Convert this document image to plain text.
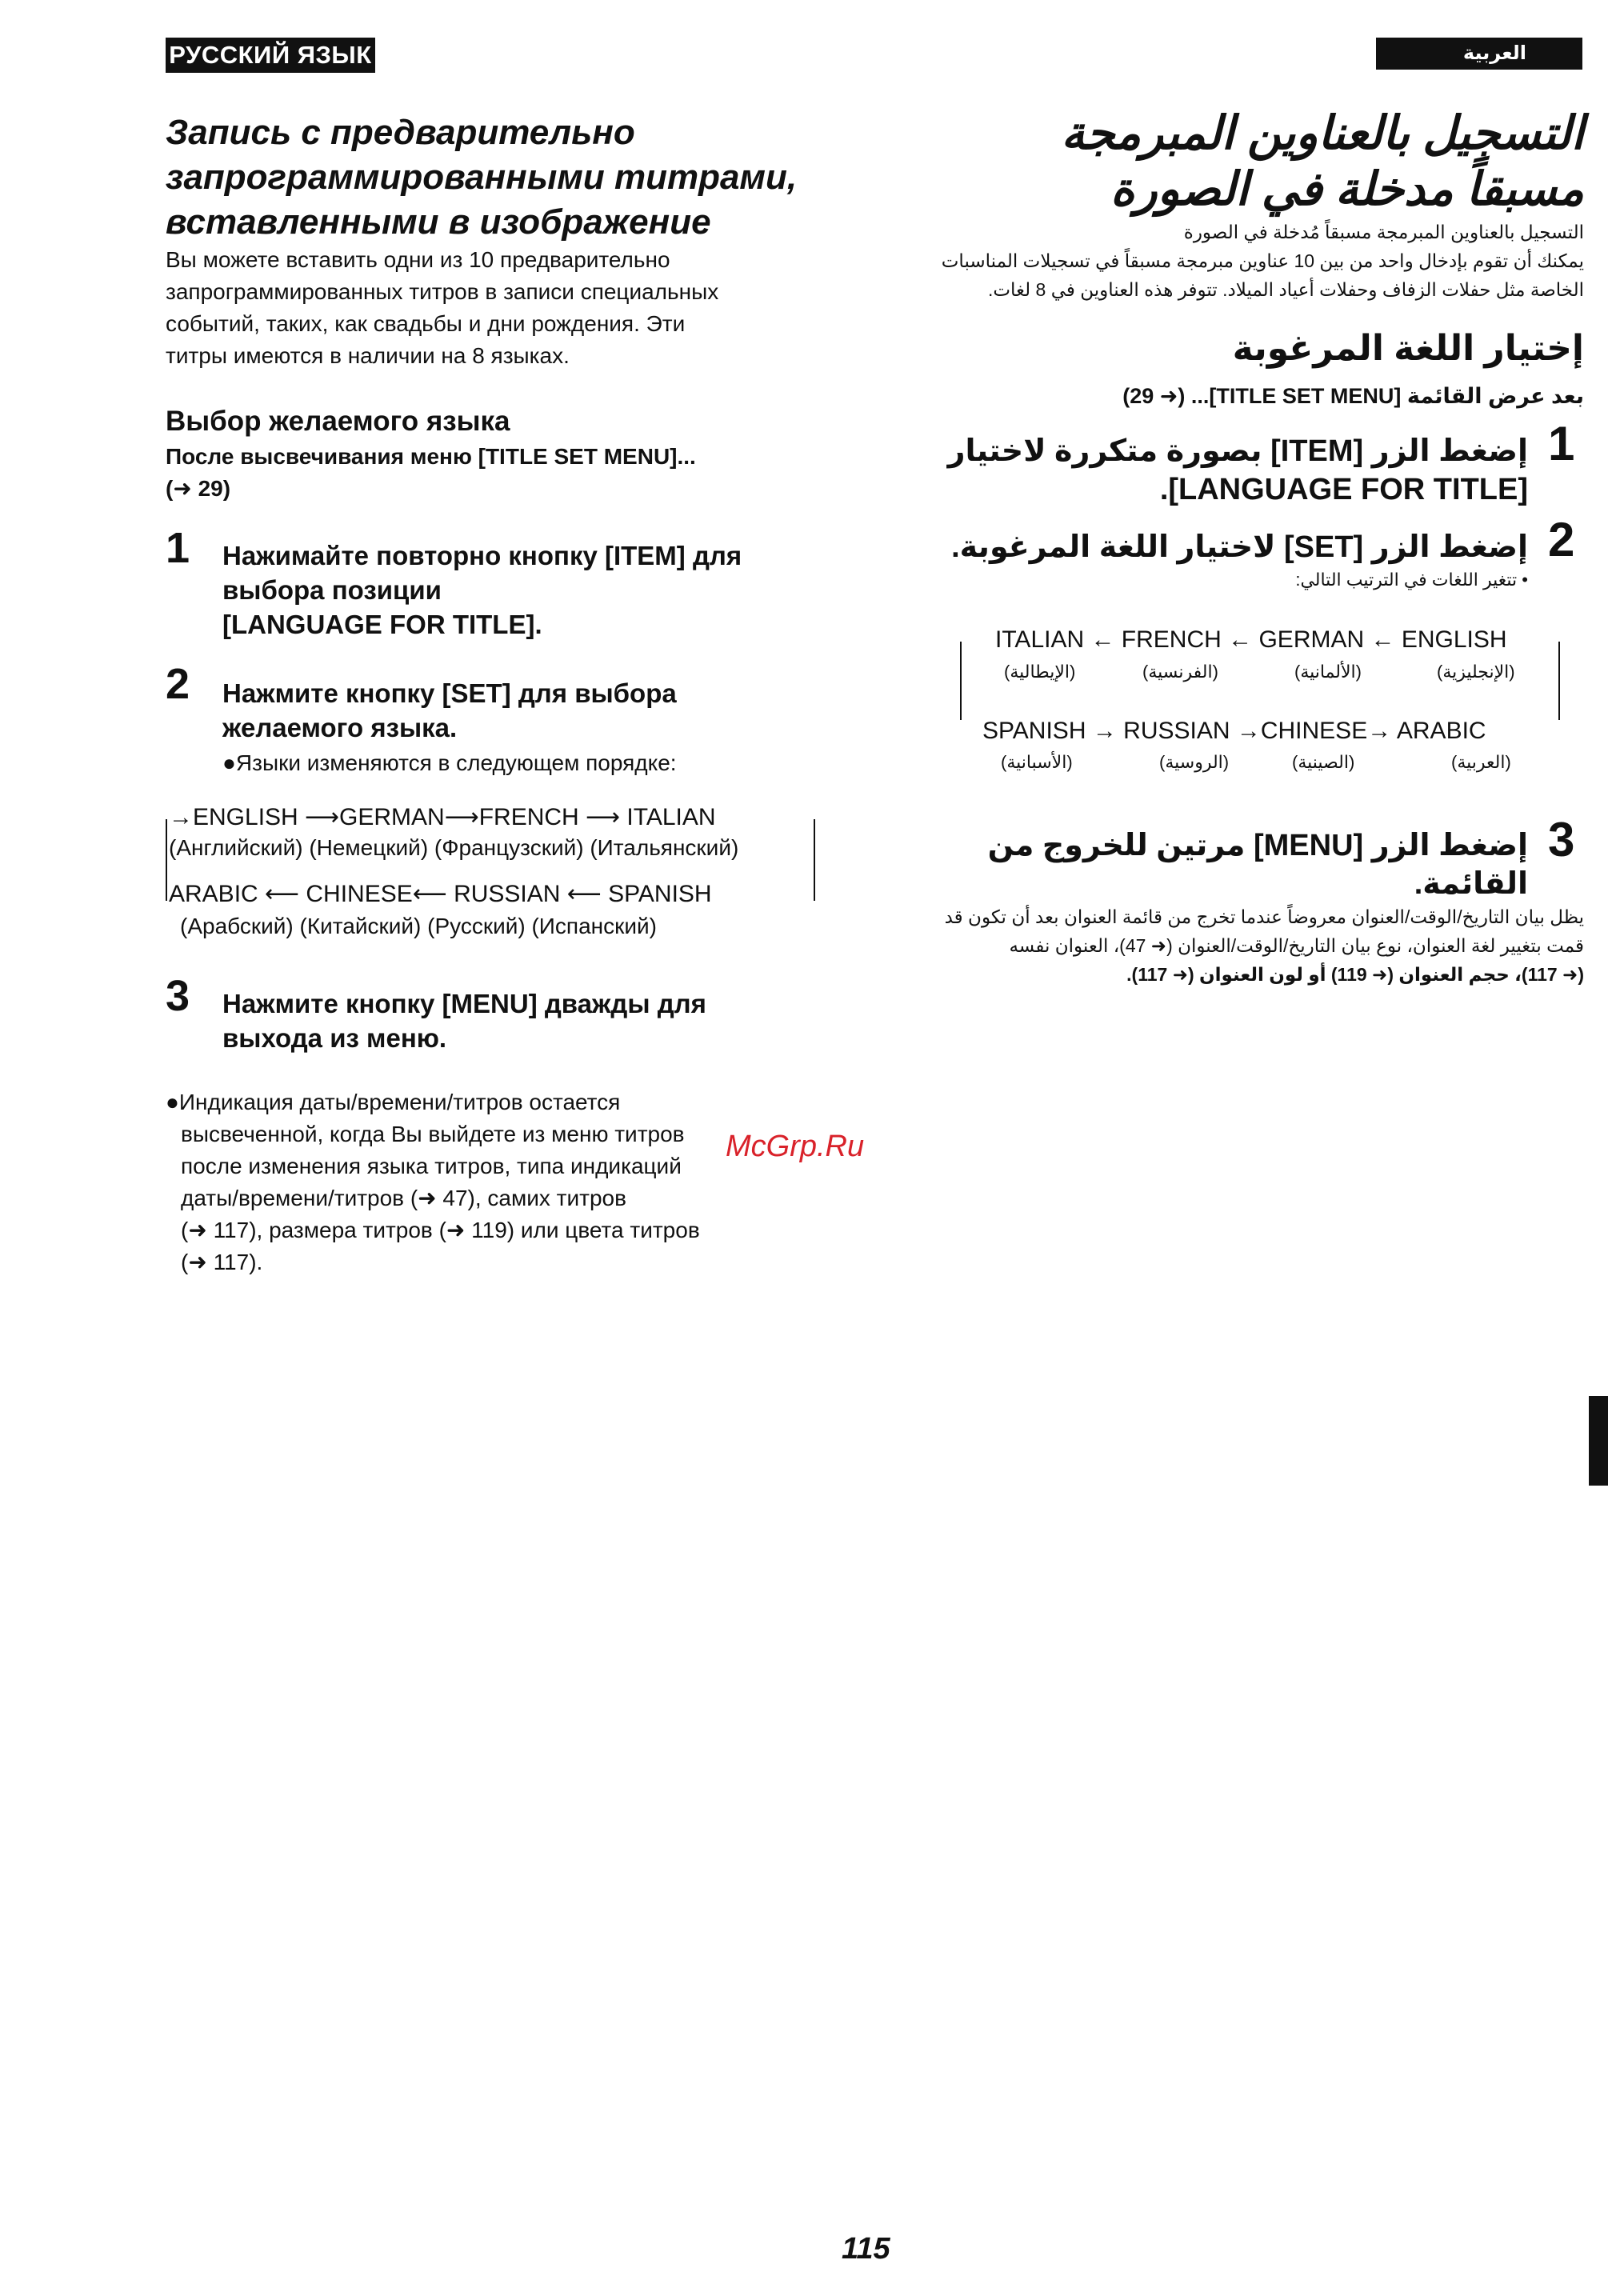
РУССКИЙ ЯЗЫК	العربية
Запись с предварительно
запрограммированными титрами,
вставленными в изображение
Вы можете вставить одни из 10 предварительно
запрограммированных титров в записи специальных
событий, таких, как свадьбы и дни рождения. Эти
титры имеются в наличии на 8 языках.
Выбор желаемого языка
После высвечивания меню [TITLE SET MENU]...
(➜ 29)
1 Нажимайте повторно кнопку [ITEM] для
выбора позиции
[LANGUAGE FOR TITLE].
2 Нажмите кнопку [SET] для выбора
желаемого языка.
●Языки изменяются в следующем порядке:
→ENGLISH ⟶GERMAN⟶FRENCH ⟶ ITALIAN
(Английский) (Немецкий) (Французский) (Итальянский)
ARABIC ⟵ CHINESE⟵ RUSSIAN ⟵ SPANISH
(Арабский) (Китайский) (Русский) (Испанский)
3 Нажмите кнопку [MENU] дважды для
выхода из меню.
●Индикация даты/времени/титров остается
высвеченной, когда Вы выйдете из меню титров
после изменения языка титров, типа индикаций
даты/времени/титров (➜ 47), самих титров
(➜ 117), размера титров (➜ 119) или цвета титров
(➜ 117).
التسجيل بالعناوين المبرمجة
مسبقاً مدخلة في الصورة
التسجيل بالعناوين المبرمجة مسبقاً مُدخلة في الصورة
يمكنك أن تقوم بإدخال واحد من بين 10 عناوين مبرمجة مسبقاً في تسجيلات المناسبات
الخاصة مثل حفلات الزفاف وحفلات أعياد الميلاد. تتوفر هذه العناوين في 8 لغات.
إختيار اللغة المرغوبة
بعد عرض القائمة [TITLE SET MENU]... (➜ 29)
1
إضغط الزر [ITEM] بصورة متكررة لاختيار
[LANGUAGE FOR TITLE].
2
إضغط الزر [SET] لاختيار اللغة المرغوبة.
• تتغير اللغات في الترتيب التالي:
ITALIAN ← FRENCH ← GERMAN ← ENGLISH
(الإيطالية)	(الفرنسية)	(الألمانية)	(الإنجليزية)
SPANISH → RUSSIAN →CHINESE→ ARABIC
(الأسبانية)	(الروسية)	(الصينية)	(العربية)
3
إضغط الزر [MENU] مرتين للخروج من القائمة.
يظل بيان التاريخ/الوقت/العنوان معروضاً عندما تخرج من قائمة العنوان بعد أن تكون قد
قمت بتغيير لغة العنوان، نوع بيان التاريخ/الوقت/العنوان (➜ 47)، العنوان نفسه
(➜ 117)، حجم العنوان (➜ 119) أو لون العنوان (➜ 117).
McGrp.Ru
115
